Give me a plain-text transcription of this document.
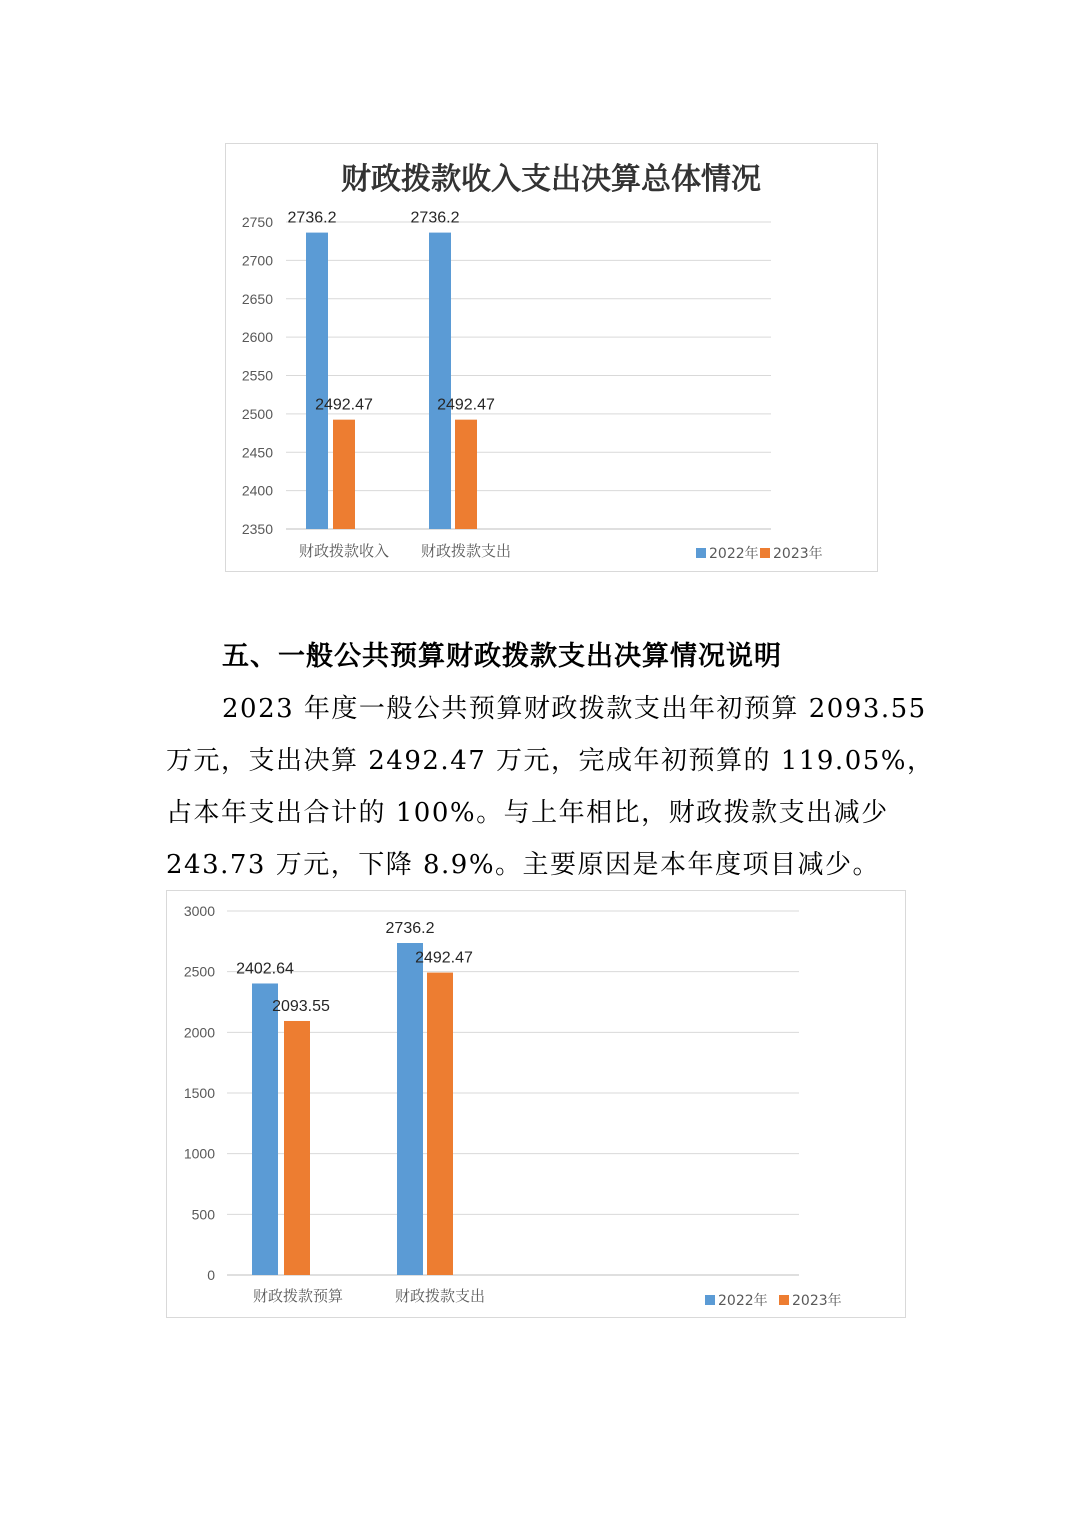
财政拨款收入支出决算总体情况
2750
2700
2650
2600
2550
2500
2450
2400
2350
2736.2
2492.47
财政拨款收入
2736.2
2492.47
财政拨款支出	2022年 2023年
五、一般公共预算财政拨款支出决算情况说明
2023 年度一般公共预算财政拨款支出年初预算 2093.55
万元，支出决算 2492.47 万元，完成年初预算的 119.05%，
占本年支出合计的 100%。与上年相比，财政拨款支出减少
243.73 万元，下降 8.9%。主要原因是本年度项目减少。
3000
2500
2000
1500
1000
500
0
2402.64
2093.55
财政拨款预算
2736.2
2492.47
财政拨款支出	2022年 2023年
